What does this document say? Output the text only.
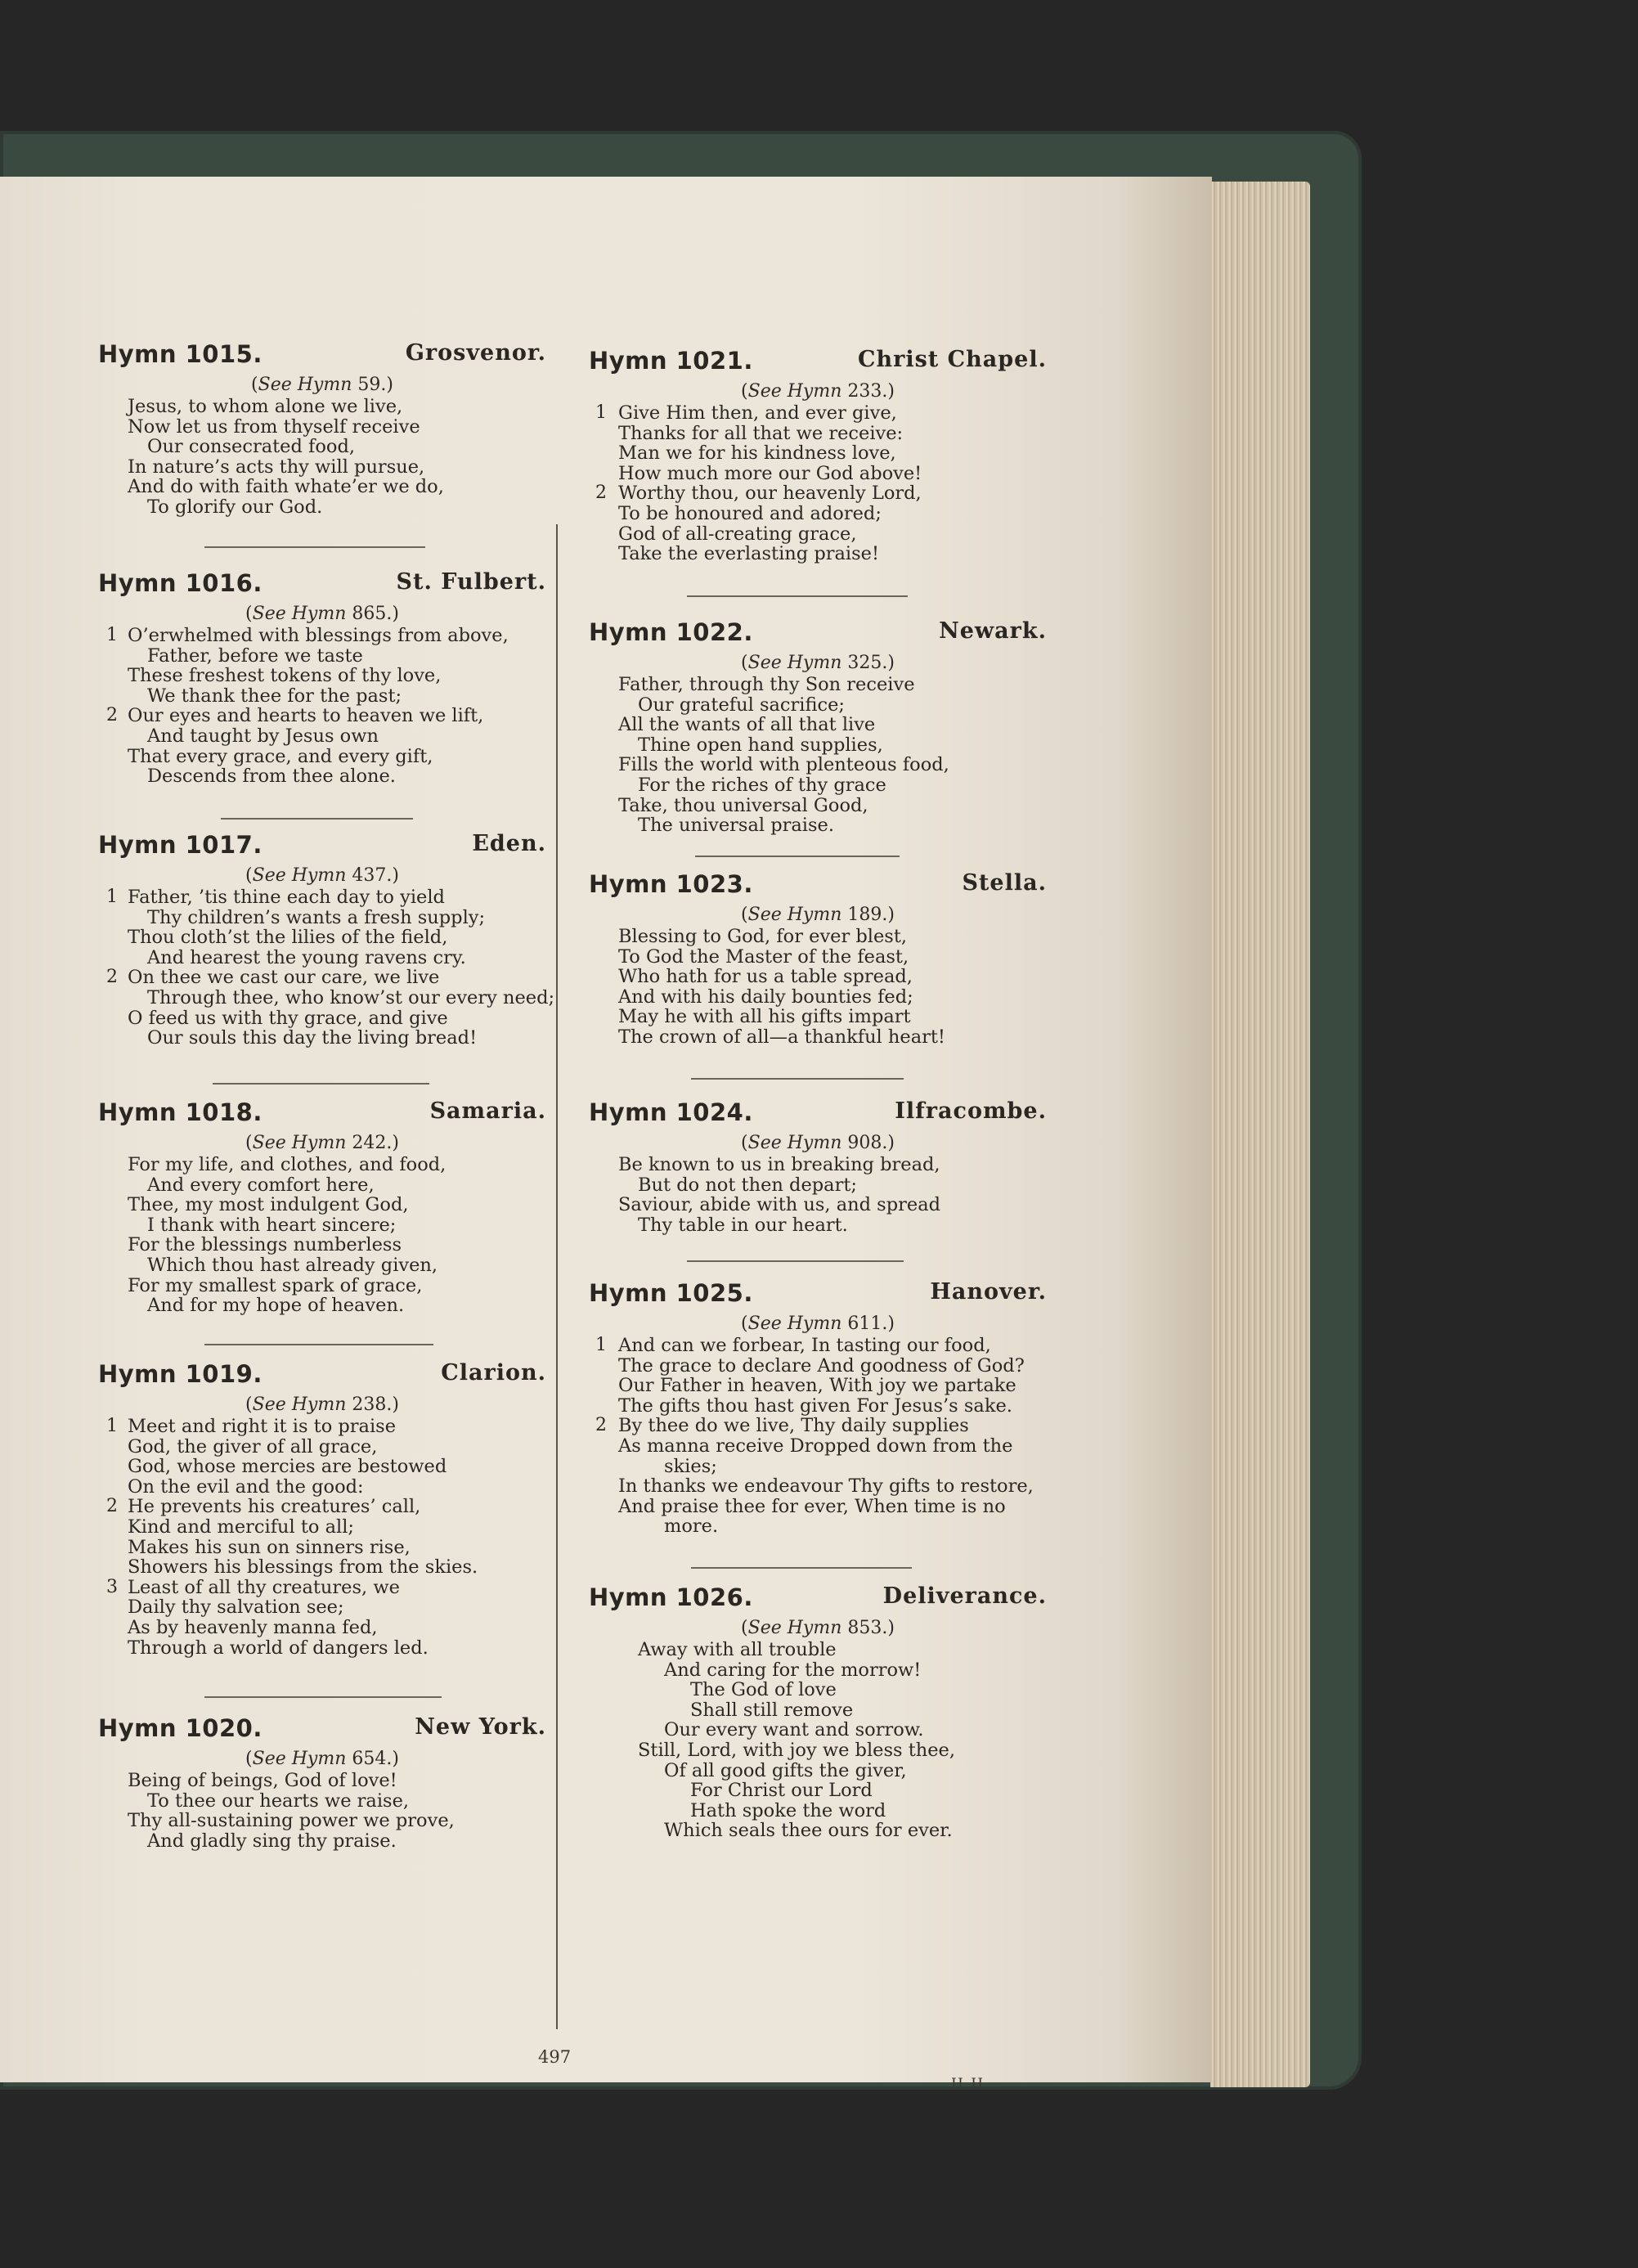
Hymn 1015.	Grosvenor.
(See Hymn 59.)
Jesus, to whom alone we live,
Now let us from thyself receive
Our consecrated food,
In nature’s acts thy will pursue,
And do with faith whate’er we do,
To glorify our God.
Hymn 1016.	St. Fulbert.
(See Hymn 865.)
1 O’erwhelmed with blessings from above,
Father, before we taste
These freshest tokens of thy love,
We thank thee for the past;
2 Our eyes and hearts to heaven we lift,
And taught by Jesus own
That every grace, and every gift,
Descends from thee alone.
Hymn 1017.	Eden.
(See Hymn 437.)
1 Father, ’tis thine each day to yield
Thy children’s wants a fresh supply;
Thou cloth’st the lilies of the field,
And hearest the young ravens cry.
2 On thee we cast our care, we live
Through thee, who know’st our every need;
O feed us with thy grace, and give
Our souls this day the living bread!
Hymn 1018.	Samaria.
(See Hymn 242.)
For my life, and clothes, and food,
And every comfort here,
Thee, my most indulgent God,
I thank with heart sincere;
For the blessings numberless
Which thou hast already given,
For my smallest spark of grace,
And for my hope of heaven.
Hymn 1019.	Clarion.
(See Hymn 238.)
1 Meet and right it is to praise
God, the giver of all grace,
God, whose mercies are bestowed
On the evil and the good:
2 He prevents his creatures’ call,
Kind and merciful to all;
Makes his sun on sinners rise,
Showers his blessings from the skies.
3 Least of all thy creatures, we
Daily thy salvation see;
As by heavenly manna fed,
Through a world of dangers led.
Hymn 1020.	New York.
(See Hymn 654.)
Being of beings, God of love!
To thee our hearts we raise,
Thy all-sustaining power we prove,
And gladly sing thy praise.
Hymn 1021.	Christ Chapel.
(See Hymn 233.)
1 Give Him then, and ever give,
Thanks for all that we receive:
Man we for his kindness love,
How much more our God above!
2 Worthy thou, our heavenly Lord,
To be honoured and adored;
God of all-creating grace,
Take the everlasting praise!
Hymn 1022.	Newark.
(See Hymn 325.)
Father, through thy Son receive
Our grateful sacrifice;
All the wants of all that live
Thine open hand supplies,
Fills the world with plenteous food,
For the riches of thy grace
Take, thou universal Good,
The universal praise.
Hymn 1023.	Stella.
(See Hymn 189.)
Blessing to God, for ever blest,
To God the Master of the feast,
Who hath for us a table spread,
And with his daily bounties fed;
May he with all his gifts impart
The crown of all—a thankful heart!
Hymn 1024.	Ilfracombe.
(See Hymn 908.)
Be known to us in breaking bread,
But do not then depart;
Saviour, abide with us, and spread
Thy table in our heart.
Hymn 1025.	Hanover.
(See Hymn 611.)
1 And can we forbear, In tasting our food,
The grace to declare And goodness of God?
Our Father in heaven, With joy we partake
The gifts thou hast given For Jesus’s sake.
2 By thee do we live, Thy daily supplies
As manna receive Dropped down from the
skies;
In thanks we endeavour Thy gifts to restore,
And praise thee for ever, When time is no
more.
Hymn 1026.	Deliverance.
(See Hymn 853.)
Away with all trouble
And caring for the morrow!
The God of love
Shall still remove
Our every want and sorrow.
Still, Lord, with joy we bless thee,
Of all good gifts the giver,
For Christ our Lord
Hath spoke the word
Which seals thee ours for ever.
497
H H
